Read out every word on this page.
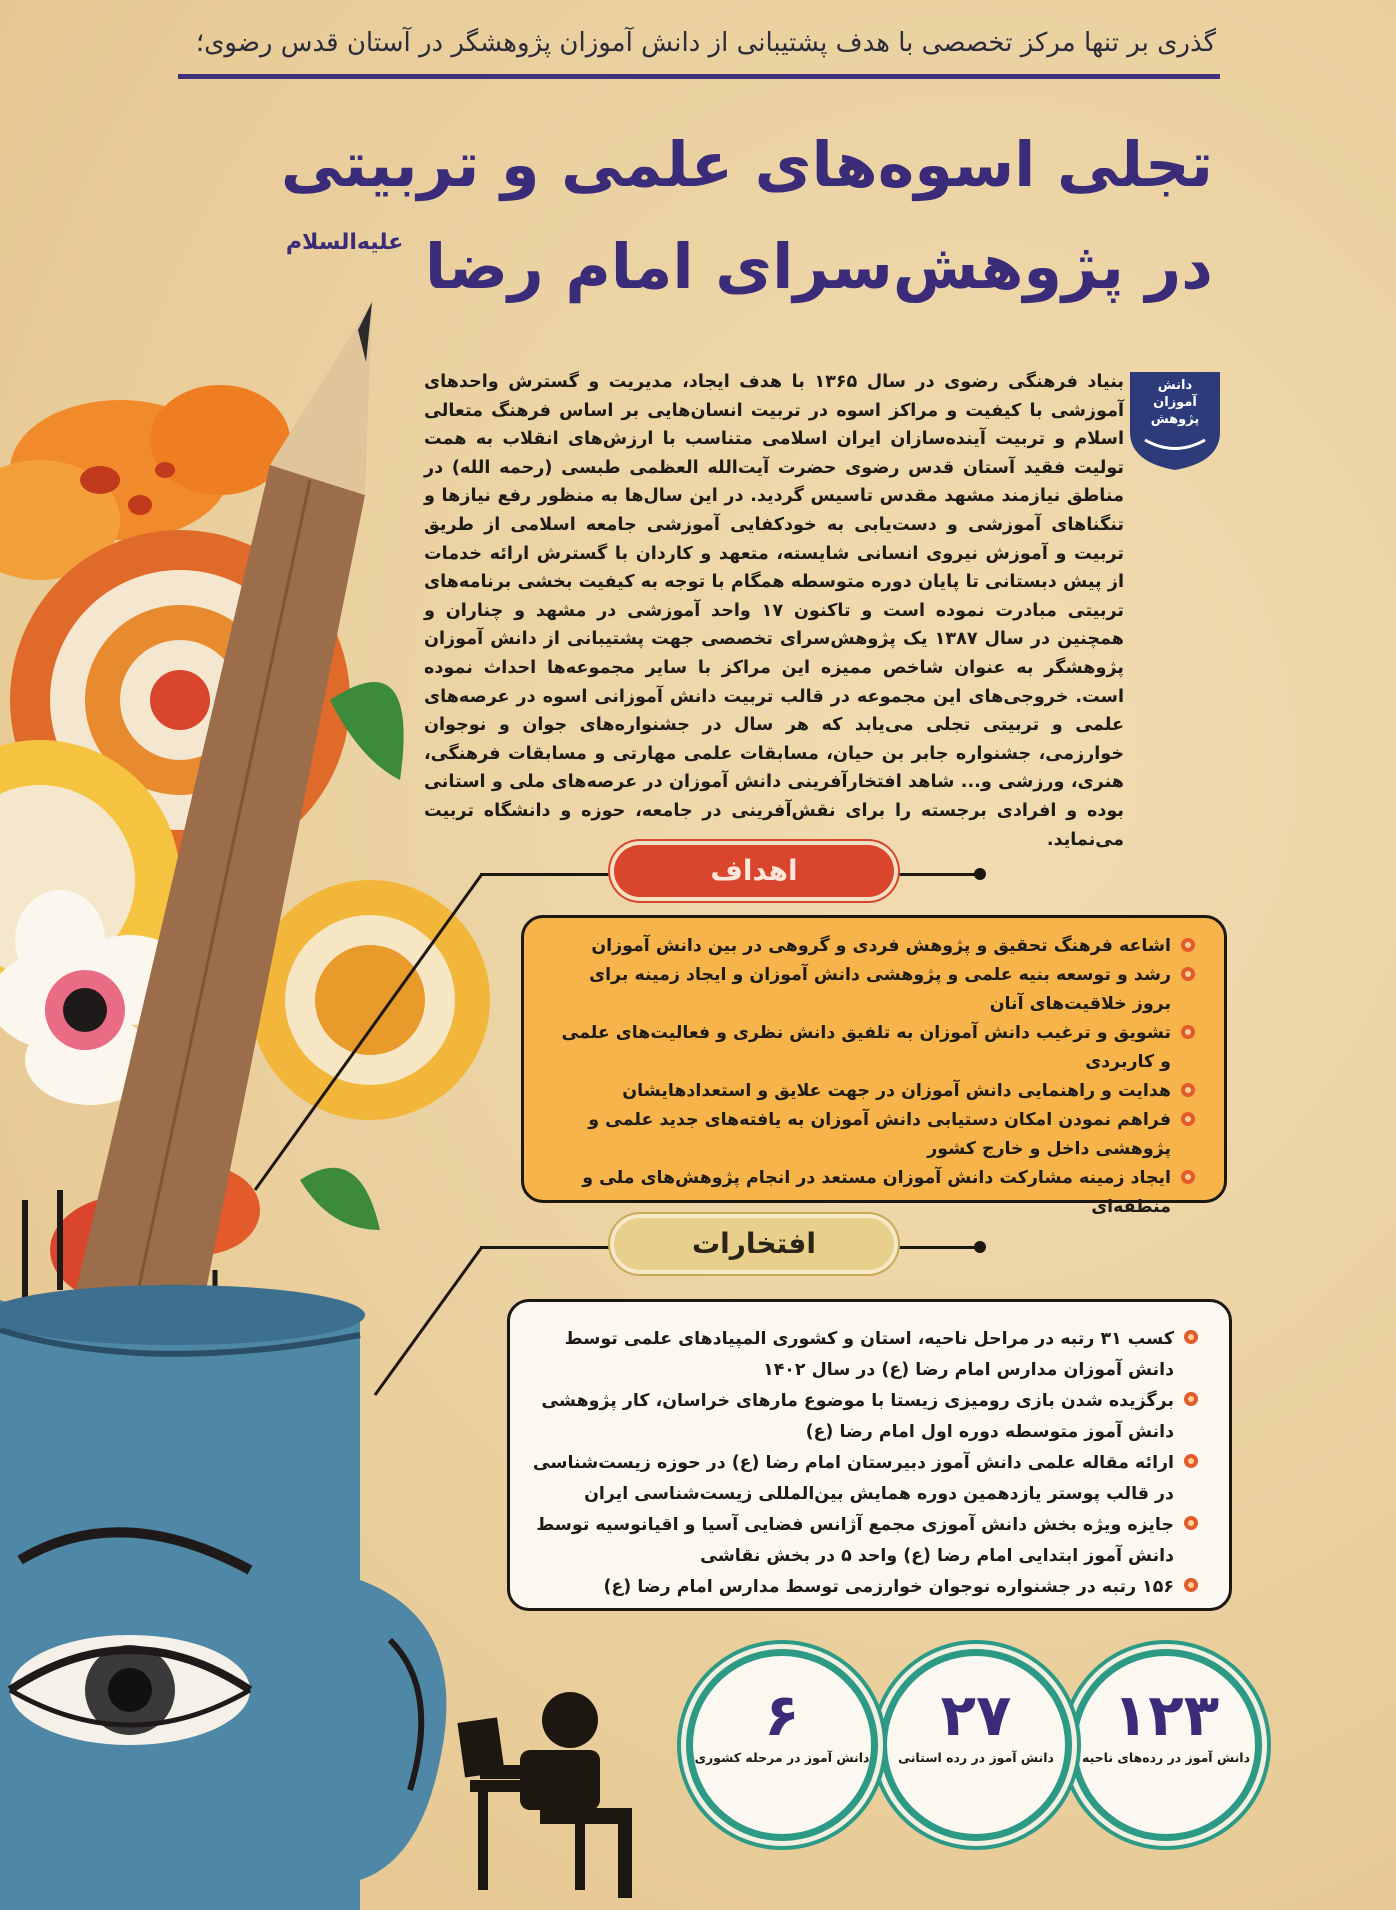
گذری بر تنها مرکز تخصصی با هدف پشتیبانی از دانش آموزان پژوهشگر در آستان قدس رضوی؛
تجلی اسوه‌های علمی و تربیتی
در پژوهش‌سرای امام رضا $^{علیه‌السلام}$
دانش آموزان پژوهش
بنیاد فرهنگی رضوی در سال ۱۳۶۵ با هدف ایجاد، مدیریت و گسترش واحدهای آموزشی با کیفیت و مراکز اسوه در تربیت انسان‌هایی بر اساس فرهنگ متعالی اسلام و تربیت آینده‌سازان ایران اسلامی متناسب با ارزش‌های انقلاب به همت تولیت فقید آستان قدس رضوی حضرت آیت‌الله العظمی طبسی (رحمه الله) در مناطق نیازمند مشهد مقدس تاسیس گردید. در این سال‌ها به منظور رفع نیازها و تنگناهای آموزشی و دست‌یابی به خودکفایی آموزشی جامعه اسلامی از طریق تربیت و آموزش نیروی انسانی شایسته، متعهد و کاردان با گسترش ارائه خدمات از پیش دبستانی تا پایان دوره متوسطه همگام با توجه به کیفیت بخشی برنامه‌های تربیتی مبادرت نموده است و تاکنون ۱۷ واحد آموزشی در مشهد و چناران و همچنین در سال ۱۳۸۷ یک پژوهش‌سرای تخصصی جهت پشتیبانی از دانش آموزان پژوهشگر به عنوان شاخص ممیزه این مراکز با سایر مجموعه‌ها احداث نموده است. خروجی‌های این مجموعه در قالب تربیت دانش آموزانی اسوه در عرصه‌های علمی و تربیتی تجلی می‌یابد که هر سال در جشنواره‌های جوان و نوجوان خوارزمی، جشنواره جابر بن حیان، مسابقات علمی مهارتی و مسابقات فرهنگی، هنری، ورزشی و... شاهد افتخارآفرینی دانش آموزان در عرصه‌های ملی و استانی بوده و افرادی برجسته را برای نقش‌آفرینی در جامعه، حوزه و دانشگاه تربیت می‌نماید.
اهداف
اشاعه فرهنگ تحقیق و پژوهش فردی و گروهی در بین دانش آموزان
رشد و توسعه بنیه علمی و پژوهشی دانش آموزان و ایجاد زمینه برای بروز خلاقیت‌های آنان
تشویق و ترغیب دانش آموزان به تلفیق دانش نظری و فعالیت‌های علمی و کاربردی
هدایت و راهنمایی دانش آموزان در جهت علایق و استعدادهایشان
فراهم نمودن امکان دستیابی دانش آموزان به یافته‌های جدید علمی و پژوهشی داخل و خارج کشور
ایجاد زمینه مشارکت دانش آموزان مستعد در انجام پژوهش‌های ملی و منطقه‌ای
افتخارات
کسب ۳۱ رتبه در مراحل ناحیه، استان و کشوری المپیادهای علمی توسط دانش آموزان مدارس امام رضا (ع) در سال ۱۴۰۲
برگزیده شدن بازی رومیزی زیستا با موضوع مارهای خراسان، کار پژوهشی دانش آموز متوسطه دوره اول امام رضا (ع)
ارائه مقاله علمی دانش آموز دبیرستان امام رضا (ع) در حوزه زیست‌شناسی در قالب پوستر یازدهمین دوره همایش بین‌المللی زیست‌شناسی ایران
جایزه ویژه بخش دانش آموزی مجمع آژانس فضایی آسیا و اقیانوسیه توسط دانش آموز ابتدایی امام رضا (ع) واحد ۵ در بخش نقاشی
۱۵۶ رتبه در جشنواره نوجوان خوارزمی توسط مدارس امام رضا (ع)
۱۲۳
دانش آموز در رده‌های ناحیه
۲۷
دانش آموز در رده استانی
۶
دانش آموز در مرحله کشوری
